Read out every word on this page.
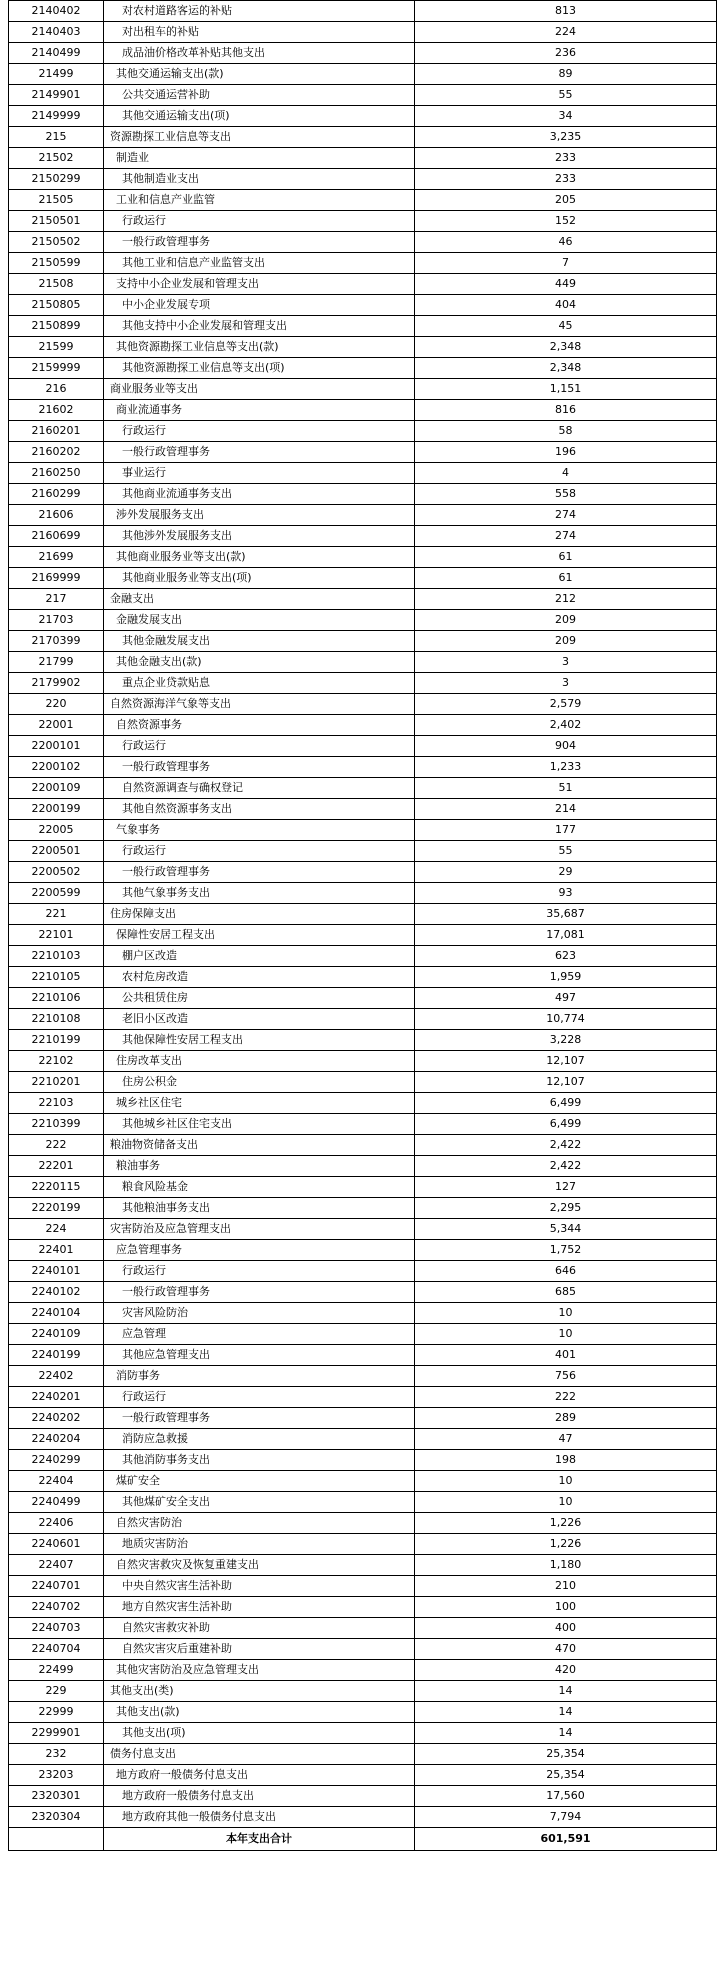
2140402	对农村道路客运的补贴	813
2140403	对出租车的补贴	224
2140499	成品油价格改革补贴其他支出	236
21499	其他交通运输支出(款)	89
2149901	公共交通运营补助	55
2149999	其他交通运输支出(项)	34
215	资源勘探工业信息等支出	3,235
21502	制造业	233
2150299	其他制造业支出	233
21505	工业和信息产业监管	205
2150501	行政运行	152
2150502	一般行政管理事务	46
2150599	其他工业和信息产业监管支出	7
21508	支持中小企业发展和管理支出	449
2150805	中小企业发展专项	404
2150899	其他支持中小企业发展和管理支出	45
21599	其他资源勘探工业信息等支出(款)	2,348
2159999	其他资源勘探工业信息等支出(项)	2,348
216	商业服务业等支出	1,151
21602	商业流通事务	816
2160201	行政运行	58
2160202	一般行政管理事务	196
2160250	事业运行	4
2160299	其他商业流通事务支出	558
21606	涉外发展服务支出	274
2160699	其他涉外发展服务支出	274
21699	其他商业服务业等支出(款)	61
2169999	其他商业服务业等支出(项)	61
217	金融支出	212
21703	金融发展支出	209
2170399	其他金融发展支出	209
21799	其他金融支出(款)	3
2179902	重点企业贷款贴息	3
220	自然资源海洋气象等支出	2,579
22001	自然资源事务	2,402
2200101	行政运行	904
2200102	一般行政管理事务	1,233
2200109	自然资源调查与确权登记	51
2200199	其他自然资源事务支出	214
22005	气象事务	177
2200501	行政运行	55
2200502	一般行政管理事务	29
2200599	其他气象事务支出	93
221	住房保障支出	35,687
22101	保障性安居工程支出	17,081
2210103	棚户区改造	623
2210105	农村危房改造	1,959
2210106	公共租赁住房	497
2210108	老旧小区改造	10,774
2210199	其他保障性安居工程支出	3,228
22102	住房改革支出	12,107
2210201	住房公积金	12,107
22103	城乡社区住宅	6,499
2210399	其他城乡社区住宅支出	6,499
222	粮油物资储备支出	2,422
22201	粮油事务	2,422
2220115	粮食风险基金	127
2220199	其他粮油事务支出	2,295
224	灾害防治及应急管理支出	5,344
22401	应急管理事务	1,752
2240101	行政运行	646
2240102	一般行政管理事务	685
2240104	灾害风险防治	10
2240109	应急管理	10
2240199	其他应急管理支出	401
22402	消防事务	756
2240201	行政运行	222
2240202	一般行政管理事务	289
2240204	消防应急救援	47
2240299	其他消防事务支出	198
22404	煤矿安全	10
2240499	其他煤矿安全支出	10
22406	自然灾害防治	1,226
2240601	地质灾害防治	1,226
22407	自然灾害救灾及恢复重建支出	1,180
2240701	中央自然灾害生活补助	210
2240702	地方自然灾害生活补助	100
2240703	自然灾害救灾补助	400
2240704	自然灾害灾后重建补助	470
22499	其他灾害防治及应急管理支出	420
229	其他支出(类)	14
22999	其他支出(款)	14
2299901	其他支出(项)	14
232	债务付息支出	25,354
23203	地方政府一般债务付息支出	25,354
2320301	地方政府一般债务付息支出	17,560
2320304	地方政府其他一般债务付息支出	7,794
	本年支出合计	601,591
